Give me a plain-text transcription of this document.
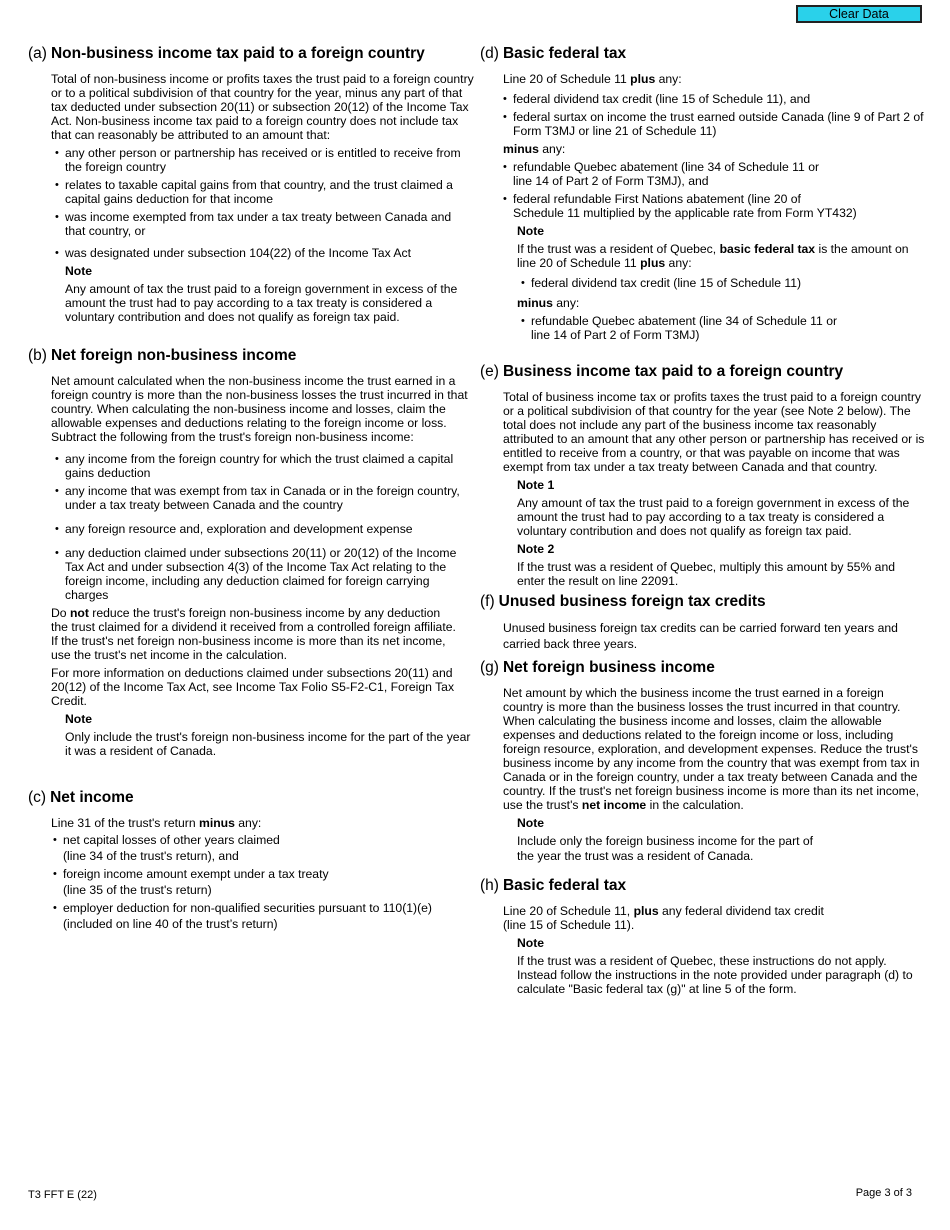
Clear Data
(a) Non-business income tax paid to a foreign country

Total of non-business income or profits taxes the trust paid to a foreign country or to a political subdivision of that country for the year, minus any part of that tax deducted under subsection 20(11) or subsection 20(12) of the Income Tax Act. Non-business income tax paid to a foreign country does not include tax that can reasonably be attributed to an amount that:

• any other person or partnership has received or is entitled to receive from the foreign country
• relates to taxable capital gains from that country, and the trust claimed a capital gains deduction for that income
• was income exempted from tax under a tax treaty between Canada and that country, or
• was designated under subsection 104(22) of the Income Tax Act
Note

Any amount of tax the trust paid to a foreign government in excess of the amount the trust had to pay according to a tax treaty is considered a voluntary contribution and does not qualify as foreign tax paid.

(b) Net foreign non-business income

Net amount calculated when the non-business income the trust earned in a foreign country is more than the non-business losses the trust incurred in that country. When calculating the non-business income and losses, claim the allowable expenses and deductions relating to the foreign income or loss. Subtract the following from the trust's foreign non-business income:

• any income from the foreign country for which the trust claimed a capital gains deduction
• any income that was exempt from tax in Canada or in the foreign country, under a tax treaty between Canada and the country
• any foreign resource and, exploration and development expense
• any deduction claimed under subsections 20(11) or 20(12) of the Income Tax Act and under subsection 4(3) of the Income Tax Act relating to the foreign income, including any deduction claimed for foreign carrying charges

Do not reduce the trust's foreign non-business income by any deduction the trust claimed for a dividend it received from a controlled foreign affiliate. If the trust's net foreign non-business income is more than its net income, use the trust's net income in the calculation.

For more information on deductions claimed under subsections 20(11) and 20(12) of the Income Tax Act, see Income Tax Folio S5-F2-C1, Foreign Tax Credit.

Note

Only include the trust's foreign non-business income for the part of the year it was a resident of Canada.

(c) Net income

Line 31 of the trust's return minus any:

• net capital losses of other years claimed
(line 34 of the trust's return), and
• foreign income amount exempt under a tax treaty
(line 35 of the trust's return)
• employer deduction for non-qualified securities pursuant to 110(1)(e)
(included on line 40 of the trust’s return)
(d) Basic federal tax

Line 20 of Schedule 11 plus any:

• federal dividend tax credit (line 15 of Schedule 11), and
• federal surtax on income the trust earned outside Canada (line 9 of Part 2 of Form T3MJ or line 21 of Schedule 11)

minus any:

• refundable Quebec abatement (line 34 of Schedule 11 or
line 14 of Part 2 of Form T3MJ), and
• federal refundable First Nations abatement (line 20 of
Schedule 11 multiplied by the applicable rate from Form YT432)
Note

If the trust was a resident of Quebec, basic federal tax is the amount on line 20 of Schedule 11 plus any:

• federal dividend tax credit (line 15 of Schedule 11)

minus any:

• refundable Quebec abatement (line 34 of Schedule 11 or
line 14 of Part 2 of Form T3MJ)
(e) Business income tax paid to a foreign country

Total of business income tax or profits taxes the trust paid to a foreign country or a political subdivision of that country for the year (see Note 2 below). The total does not include any part of the business income tax reasonably attributed to an amount that any other person or partnership has received or is entitled to receive from a country, or that was payable on income that was exempt from tax under a tax treaty between Canada and that country.

Note 1

Any amount of tax the trust paid to a foreign government in excess of the amount the trust had to pay according to a tax treaty is considered a voluntary contribution and does not qualify as foreign tax paid.

Note 2

If the trust was a resident of Quebec, multiply this amount by 55% and enter the result on line 22091.

(f) Unused business foreign tax credits

Unused business foreign tax credits can be carried forward ten years and carried back three years.

(g) Net foreign business income

Net amount by which the business income the trust earned in a foreign country is more than the business losses the trust incurred in that country. When calculating the business income and losses, claim the allowable expenses and deductions related to the foreign income or loss, including foreign resource, exploration, and development expenses. Reduce the trust's business income by any income from the country that was exempt from tax in Canada or in the foreign country, under a tax treaty between Canada and the country. If the trust's net foreign business income is more than its net income, use the trust's net income in the calculation.

Note

Include only the foreign business income for the part of
the year the trust was a resident of Canada.

(h) Basic federal tax

Line 20 of Schedule 11, plus any federal dividend tax credit
(line 15 of Schedule 11).

Note

If the trust was a resident of Quebec, these instructions do not apply. Instead follow the instructions in the note provided under paragraph (d) to calculate "Basic federal tax (g)" at line 5 of the form.

T3 FFT E (22)	Page 3 of 3
